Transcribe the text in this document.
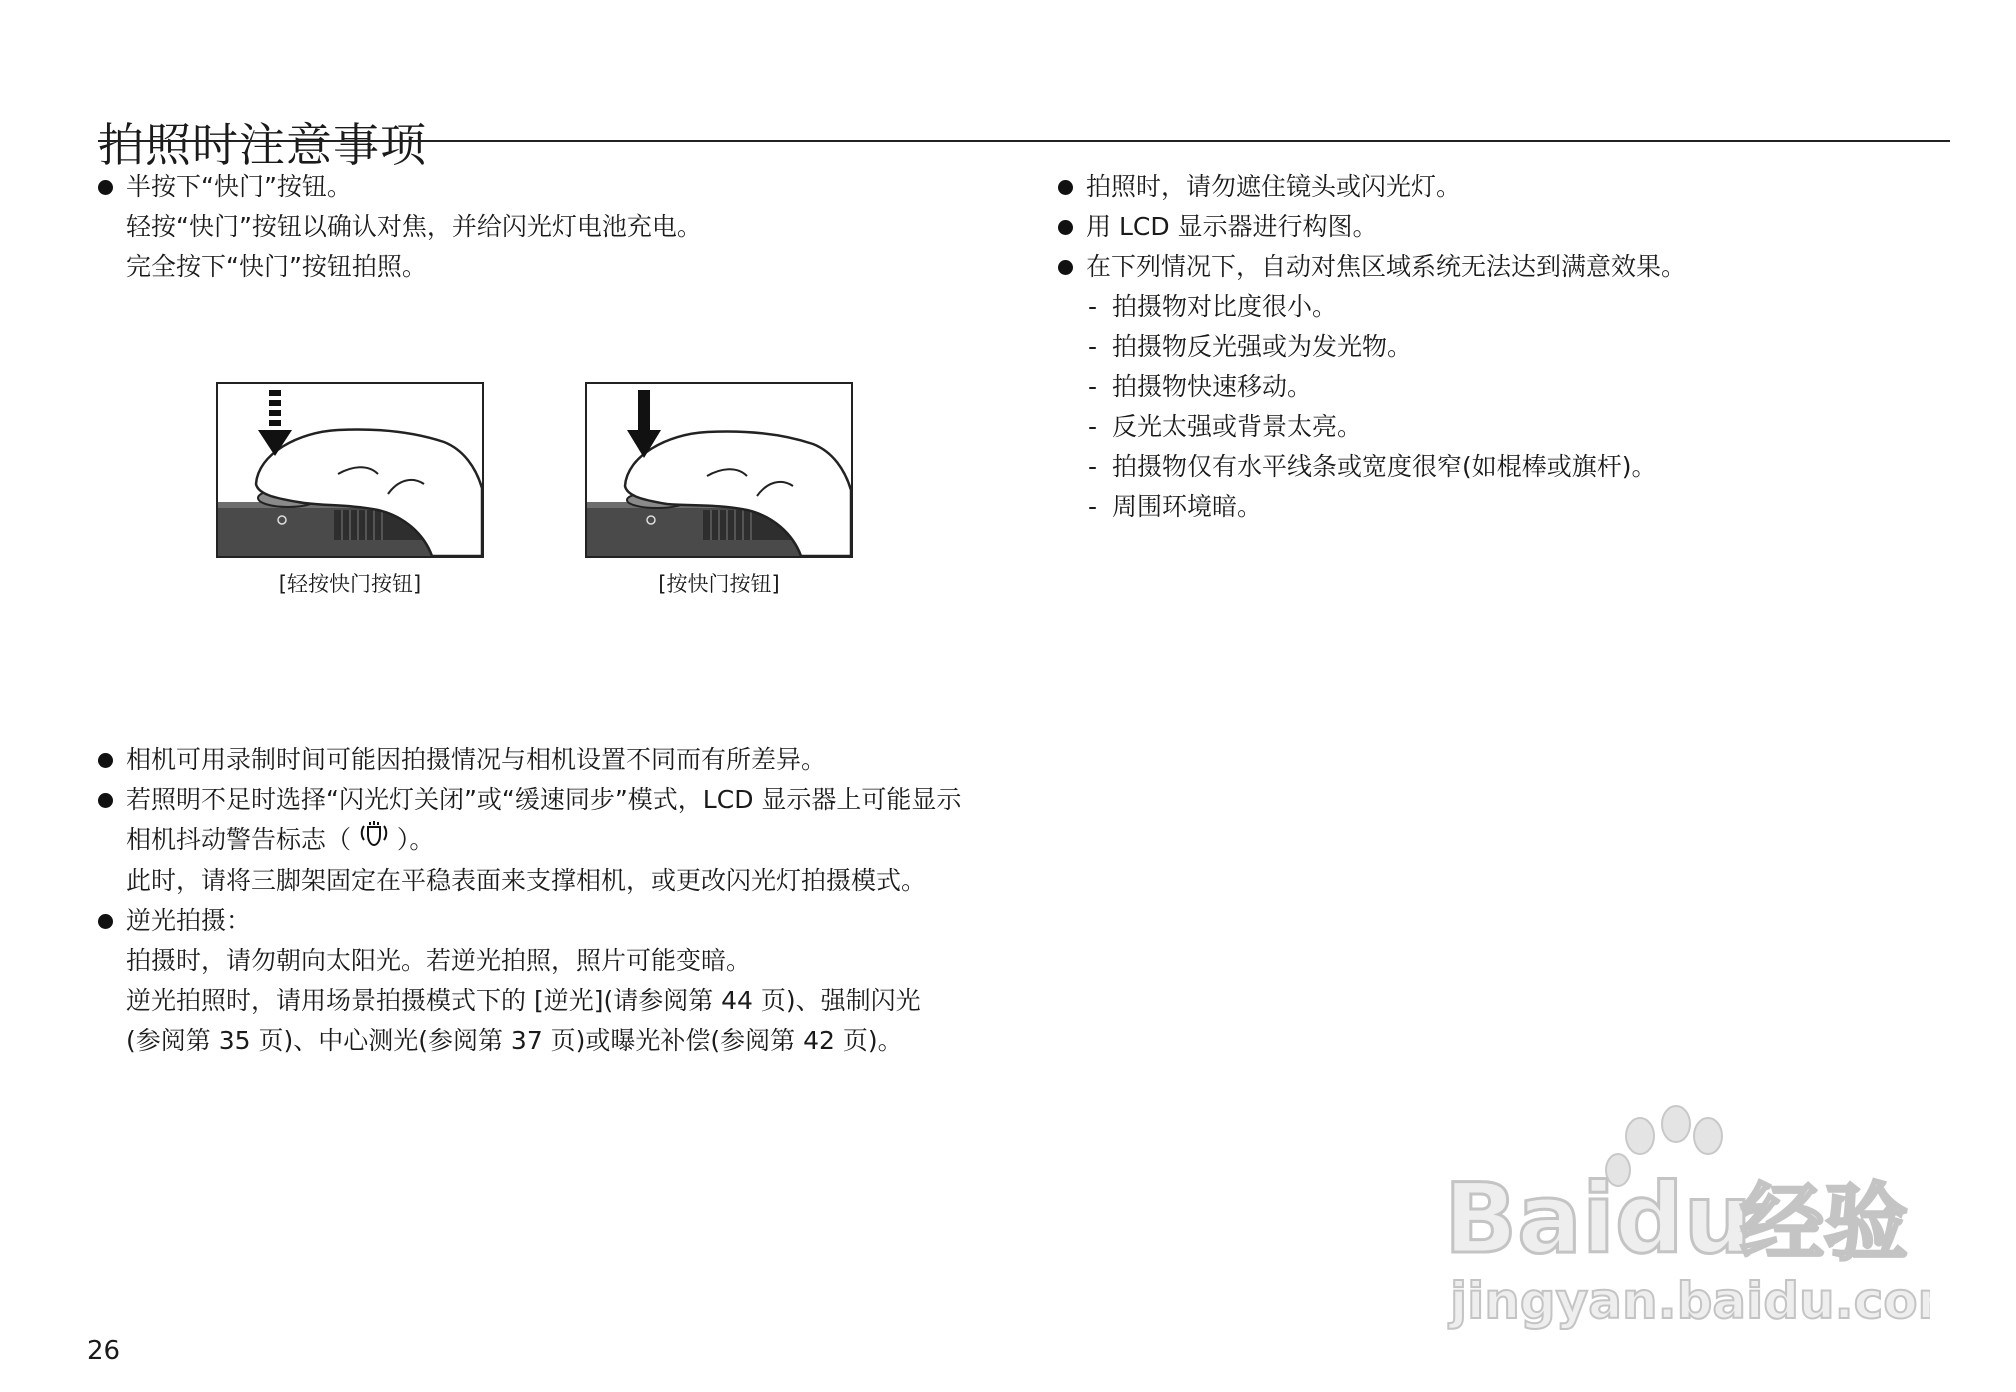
拍照时注意事项
半按下“快门”按钮。
轻按“快门”按钮以确认对焦，并给闪光灯电池充电。
完全按下“快门”按钮拍照。
[轻按快门按钮]	[按快门按钮]
相机可用录制时间可能因拍摄情况与相机设置不同而有所差异。
若照明不足时选择“闪光灯关闭”或“缓速同步”模式，LCD 显示器上可能显示
相机抖动警告标志（ ）。
此时，请将三脚架固定在平稳表面来支撑相机，或更改闪光灯拍摄模式。
逆光拍摄：
拍摄时，请勿朝向太阳光。若逆光拍照，照片可能变暗。
逆光拍照时，请用场景拍摄模式下的 [逆光](请参阅第 44 页)、强制闪光
(参阅第 35 页)、中心测光(参阅第 37 页)或曝光补偿(参阅第 42 页)。
拍照时，请勿遮住镜头或闪光灯。
用 LCD 显示器进行构图。
在下列情况下，自动对焦区域系统无法达到满意效果。
- 拍摄物对比度很小。
- 拍摄物反光强或为发光物。
- 拍摄物快速移动。
- 反光太强或背景太亮。
- 拍摄物仅有水平线条或宽度很窄(如棍棒或旗杆)。
- 周围环境暗。
26
Baidu
经验
jingyan.baidu.com
